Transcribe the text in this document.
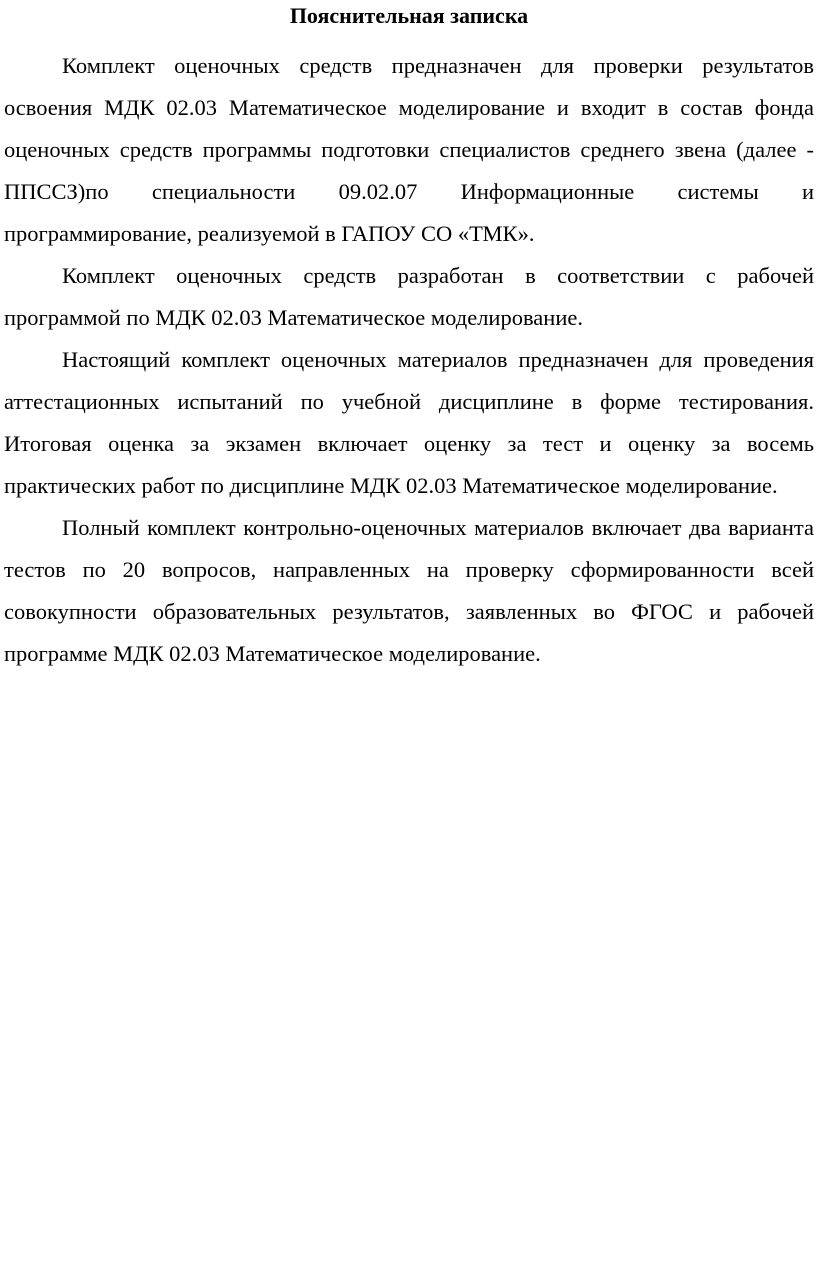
Пояснительная записка

Комплект оценочных средств предназначен для проверки результатов освоения МДК 02.03 Математическое моделирование и входит в состав фонда оценочных средств программы подготовки специалистов среднего звена (далее - ППССЗ)по специальности 09.02.07 Информационные системы и программирование, реализуемой в ГАПОУ СО «ТМК».

Комплект оценочных средств разработан в соответствии с рабочей программой по МДК 02.03 Математическое моделирование.

Настоящий комплект оценочных материалов предназначен для проведения аттестационных испытаний по учебной дисциплине в форме тестирования. Итоговая оценка за экзамен включает оценку за тест и оценку за восемь практических работ по дисциплине МДК 02.03 Математическое моделирование.

Полный комплект контрольно-оценочных материалов включает два варианта тестов по 20 вопросов, направленных на проверку сформированности всей совокупности образовательных результатов, заявленных во ФГОС и рабочей программе МДК 02.03 Математическое моделирование.
